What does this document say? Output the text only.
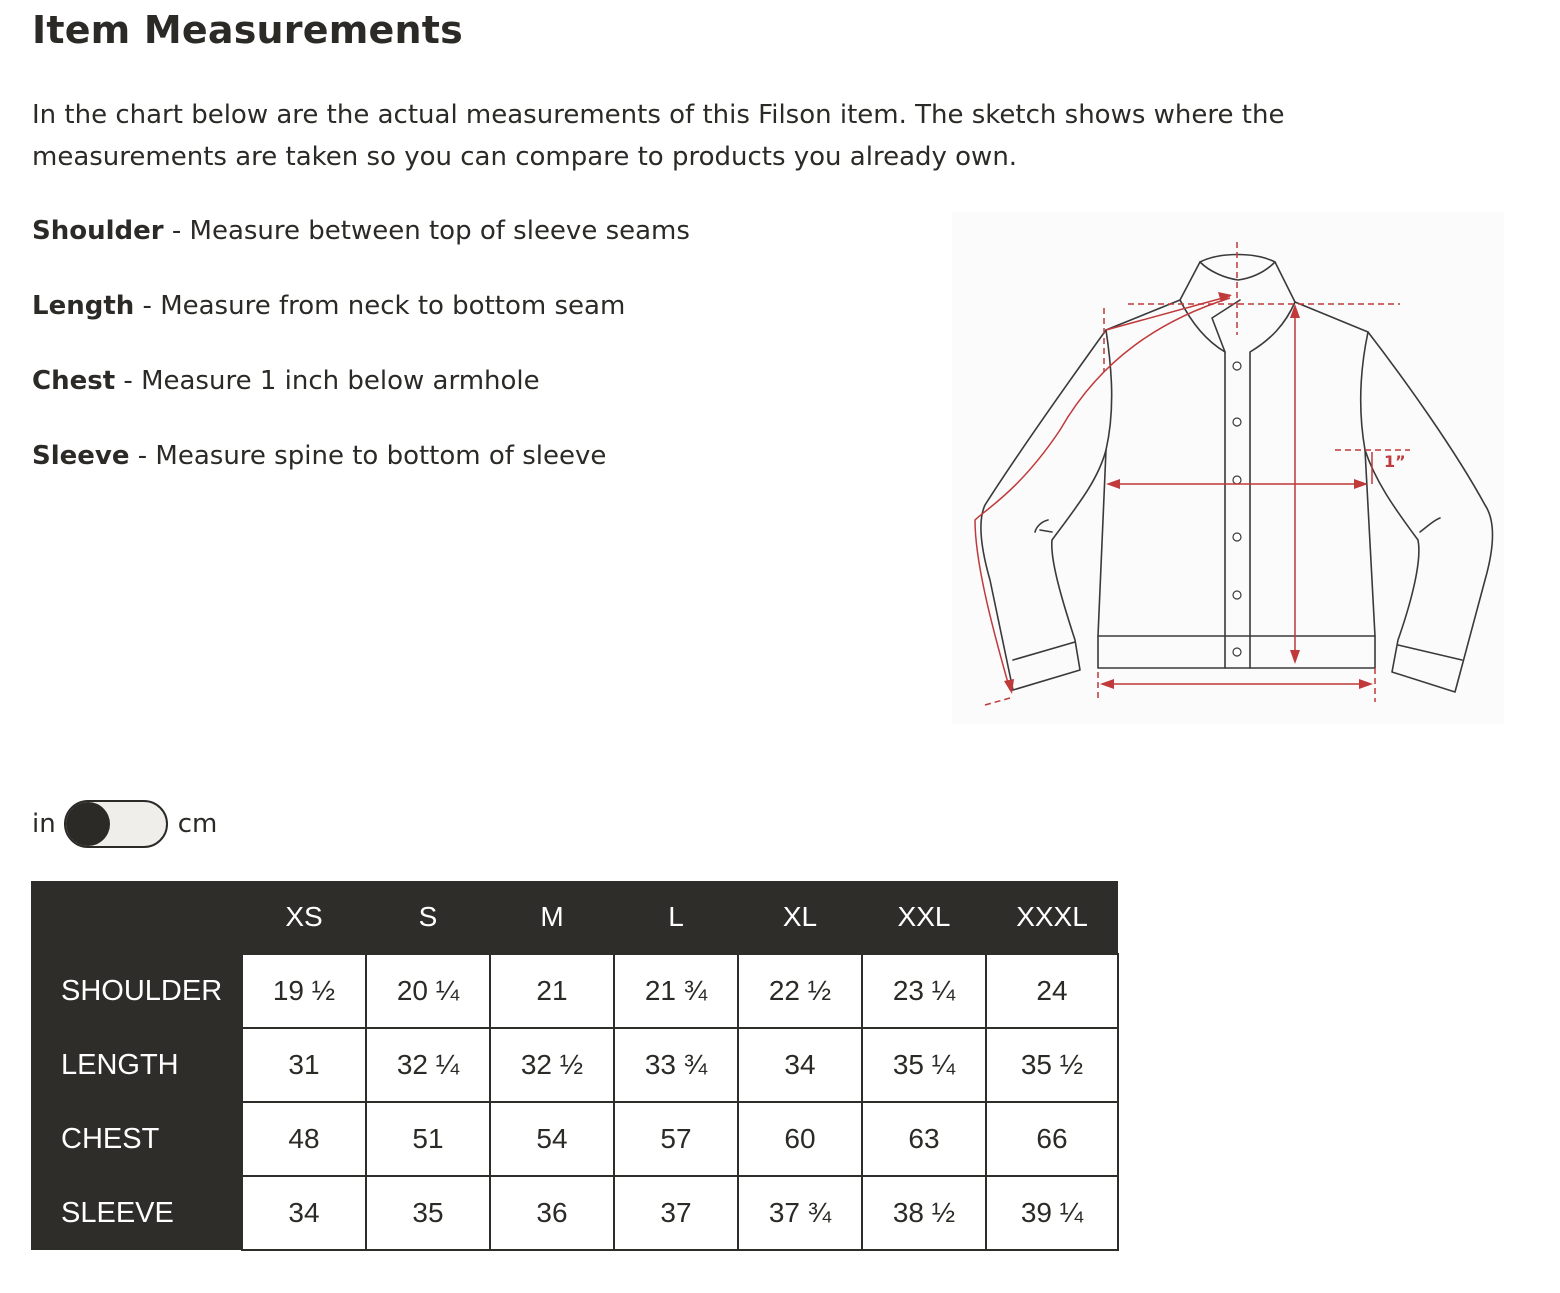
Item Measurements

In the chart below are the actual measurements of this Filson item. The sketch shows where the measurements are taken so you can compare to products you already own.

Shoulder - Measure between top of sleeve seams
Length - Measure from neck to bottom seam
Chest - Measure 1 inch below armhole
Sleeve - Measure spine to bottom of sleeve	1”
in	cm
	XS	S	M	L	XL	XXL	XXXL
SHOULDER	19 ½	20 ¼	21	21 ¾	22 ½	23 ¼	24
LENGTH	31	32 ¼	32 ½	33 ¾	34	35 ¼	35 ½
CHEST	48	51	54	57	60	63	66
SLEEVE	34	35	36	37	37 ¾	38 ½	39 ¼
